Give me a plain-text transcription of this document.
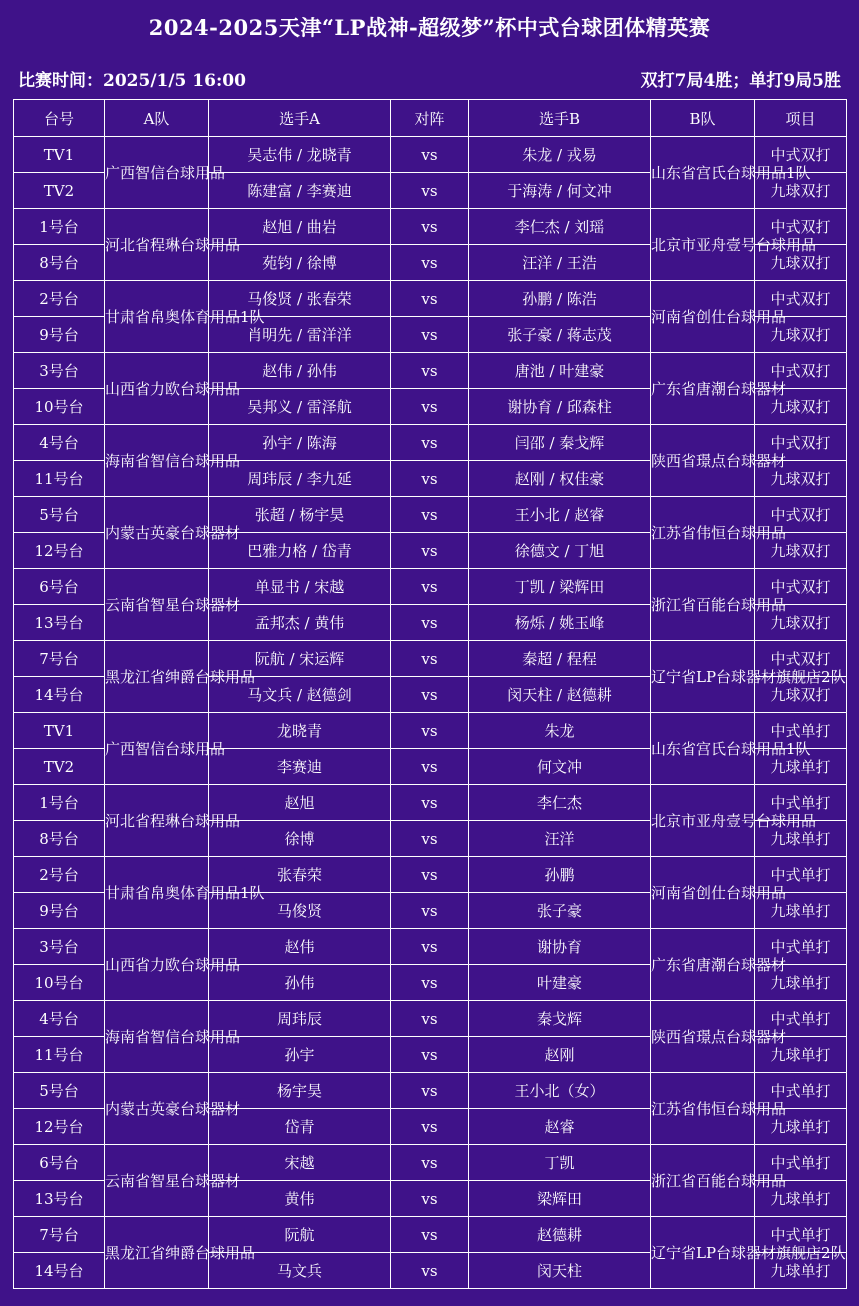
2024-2025天津“LP战神-超级梦”杯中式台球团体精英赛
比赛时间：2025/1/5 16:00	双打7局4胜；单打9局5胜
台号	A队	选手A	对阵	选手B	B队	项目
TV1	广西智信台球用品	吴志伟 / 龙晓青	vs	朱龙 / 戎易	山东省宫氏台球用品1队	中式双打
TV2		陈建富 / 李赛迪	vs	于海涛 / 何文冲		九球双打
1号台	河北省程琳台球用品	赵旭 / 曲岩	vs	李仁杰 / 刘瑶	北京市亚舟壹号台球用品	中式双打
8号台		苑钧 / 徐博	vs	汪洋 / 王浩		九球双打
2号台	甘肃省帛奥体育用品1队	马俊贤 / 张春荣	vs	孙鹏 / 陈浩	河南省创仕台球用品	中式双打
9号台		肖明先 / 雷洋洋	vs	张子豪 / 蒋志茂		九球双打
3号台	山西省力欧台球用品	赵伟 / 孙伟	vs	唐池 / 叶建豪	广东省唐潮台球器材	中式双打
10号台		吴邦义 / 雷泽航	vs	谢协育 / 邱森柱		九球双打
4号台	海南省智信台球用品	孙宇 / 陈海	vs	闫邵 / 秦戈辉	陕西省璟点台球器材	中式双打
11号台		周玮辰 / 李九延	vs	赵刚 / 权佳豪		九球双打
5号台	内蒙古英豪台球器材	张超 / 杨宇昊	vs	王小北 / 赵睿	江苏省伟恒台球用品	中式双打
12号台		巴雅力格 / 岱青	vs	徐德文 / 丁旭		九球双打
6号台	云南省智星台球器材	单显书 / 宋越	vs	丁凯 / 梁辉田	浙江省百能台球用品	中式双打
13号台		孟邦杰 / 黄伟	vs	杨烁 / 姚玉峰		九球双打
7号台	黑龙江省绅爵台球用品	阮航 / 宋运辉	vs	秦超 / 程程	辽宁省LP台球器材旗舰店2队	中式双打
14号台		马文兵 / 赵德剑	vs	闵天柱 / 赵德耕		九球双打
TV1	广西智信台球用品	龙晓青	vs	朱龙	山东省宫氏台球用品1队	中式单打
TV2		李赛迪	vs	何文冲		九球单打
1号台	河北省程琳台球用品	赵旭	vs	李仁杰	北京市亚舟壹号台球用品	中式单打
8号台		徐博	vs	汪洋		九球单打
2号台	甘肃省帛奥体育用品1队	张春荣	vs	孙鹏	河南省创仕台球用品	中式单打
9号台		马俊贤	vs	张子豪		九球单打
3号台	山西省力欧台球用品	赵伟	vs	谢协育	广东省唐潮台球器材	中式单打
10号台		孙伟	vs	叶建豪		九球单打
4号台	海南省智信台球用品	周玮辰	vs	秦戈辉	陕西省璟点台球器材	中式单打
11号台		孙宇	vs	赵刚		九球单打
5号台	内蒙古英豪台球器材	杨宇昊	vs	王小北（女）	江苏省伟恒台球用品	中式单打
12号台		岱青	vs	赵睿		九球单打
6号台	云南省智星台球器材	宋越	vs	丁凯	浙江省百能台球用品	中式单打
13号台		黄伟	vs	梁辉田		九球单打
7号台	黑龙江省绅爵台球用品	阮航	vs	赵德耕	辽宁省LP台球器材旗舰店2队	中式单打
14号台		马文兵	vs	闵天柱		九球单打
